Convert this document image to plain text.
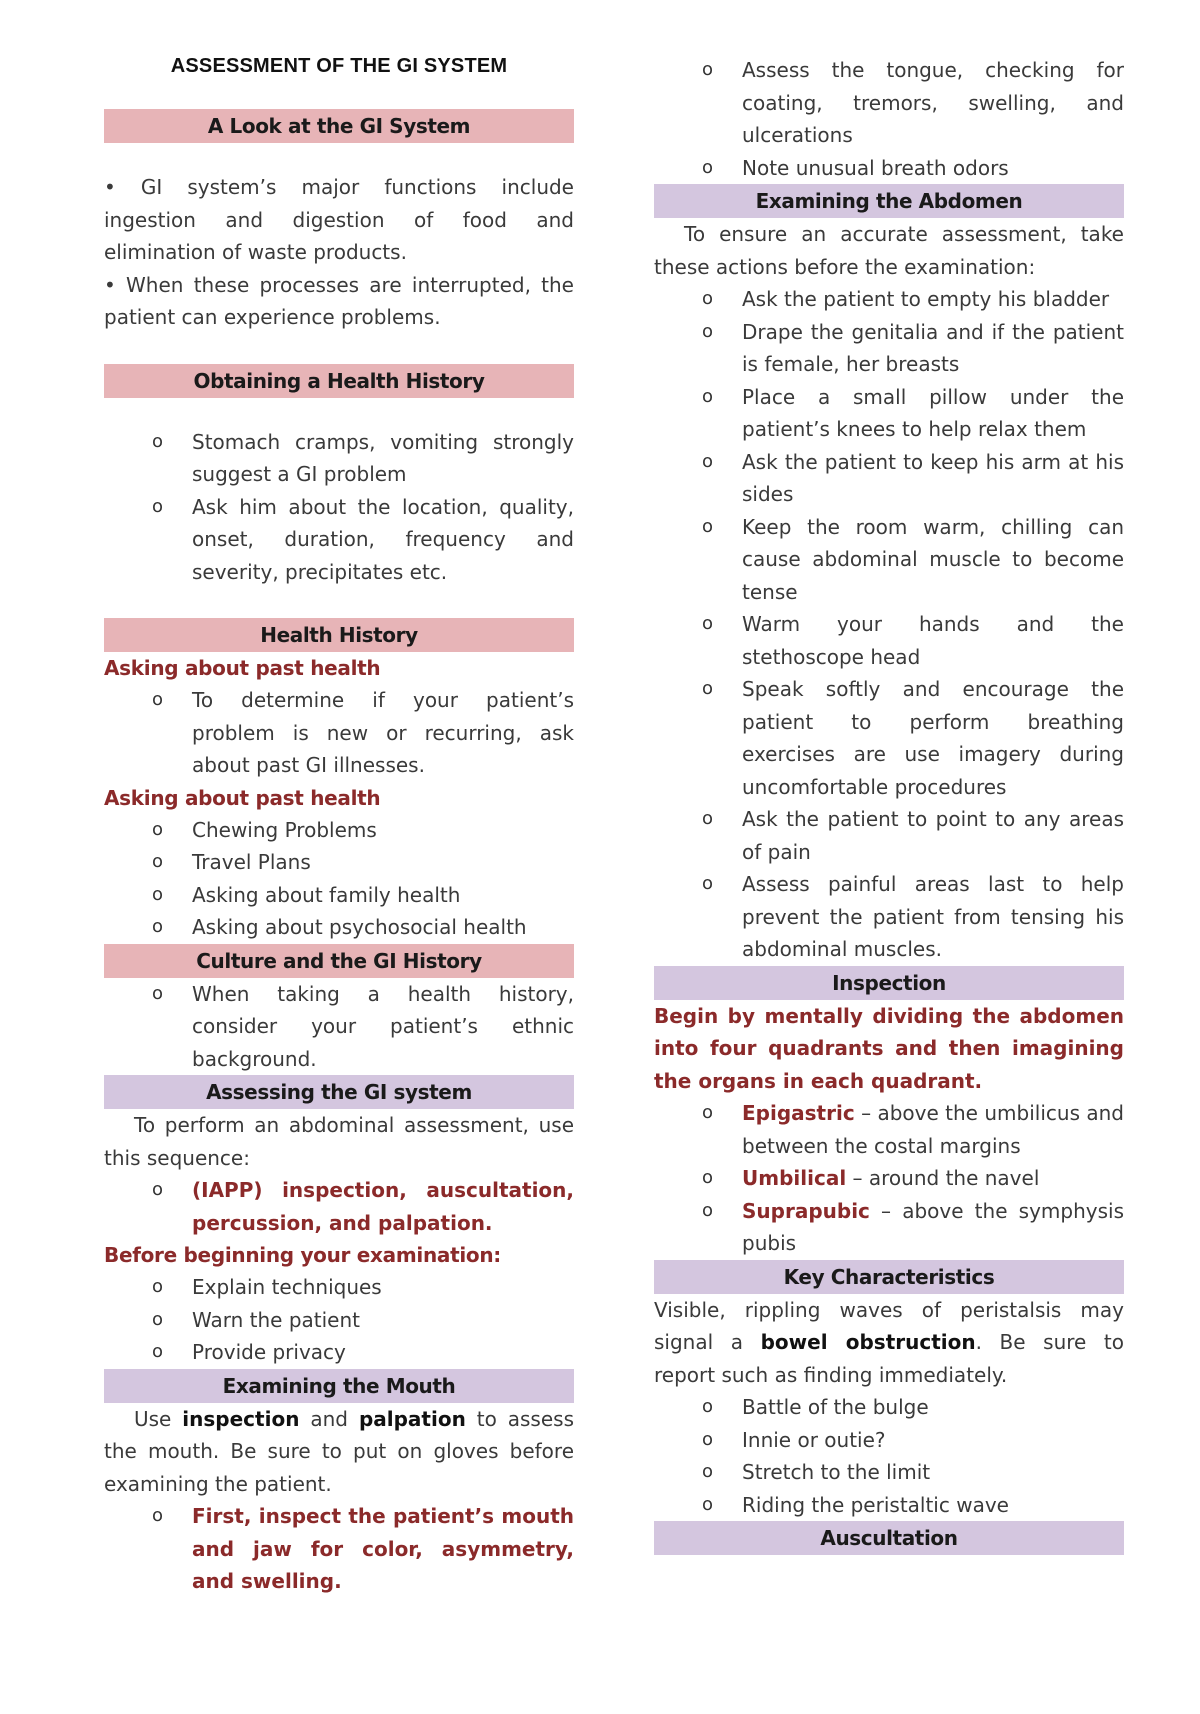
ASSESSMENT OF THE GI SYSTEM
A Look at the GI System

• GI system’s major functions include ingestion and digestion of food and elimination of waste products.

• When these processes are interrupted, the patient can experience problems.

Obtaining a Health History
o Stomach cramps, vomiting strongly suggest a GI problem
o Ask him about the location, quality, onset, duration, frequency and severity, precipitates etc.
Health History
Asking about past health
o To determine if your patient’s problem is new or recurring, ask about past GI illnesses.
Asking about past health
o Chewing Problems
o Travel Plans
o Asking about family health
o Asking about psychosocial health
Culture and the GI History
o When taking a health history, consider your patient’s ethnic background.
Assessing the GI system

To perform an abdominal assessment, use this sequence:

o (IAPP) inspection, auscultation, percussion, and palpation.
Before beginning your examination:
o Explain techniques
o Warn the patient
o Provide privacy
Examining the Mouth

Use inspection and palpation to assess the mouth. Be sure to put on gloves before examining the patient.

o First, inspect the patient’s mouth and jaw for color, asymmetry, and swelling.
o Assess the tongue, checking for coating, tremors, swelling, and ulcerations
o Note unusual breath odors
Examining the Abdomen

To ensure an accurate assessment, take these actions before the examination:

o Ask the patient to empty his bladder
o Drape the genitalia and if the patient is female, her breasts
o Place a small pillow under the patient’s knees to help relax them
o Ask the patient to keep his arm at his sides
o Keep the room warm, chilling can cause abdominal muscle to become tense
o Warm your hands and the stethoscope head
o Speak softly and encourage the patient to perform breathing exercises are use imagery during uncomfortable procedures
o Ask the patient to point to any areas of pain
o Assess painful areas last to help prevent the patient from tensing his abdominal muscles.
Inspection

Begin by mentally dividing the abdomen into four quadrants and then imagining the organs in each quadrant.

o Epigastric – above the umbilicus and between the costal margins
o Umbilical – around the navel
o Suprapubic – above the symphysis pubis
Key Characteristics

Visible, rippling waves of peristalsis may signal a bowel obstruction. Be sure to report such as finding immediately.

o Battle of the bulge
o Innie or outie?
o Stretch to the limit
o Riding the peristaltic wave
Auscultation
